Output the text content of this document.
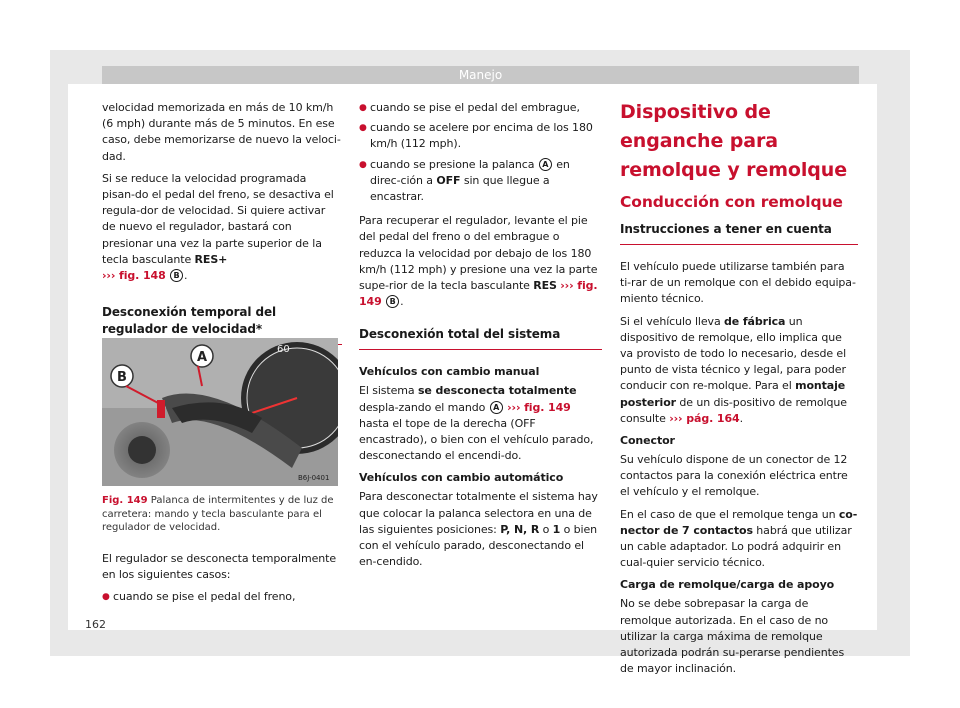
Manejo

velocidad memorizada en más de 10 km/h (6 mph) durante más de 5 minutos. En ese caso, debe memorizarse de nuevo la veloci-dad.

Si se reduce la velocidad programada pisan-do el pedal del freno, se desactiva el regula-dor de velocidad. Si quiere activar de nuevo el regulador, bastará con presionar una vez la parte superior de la tecla basculante RES+
››› fig. 148 B .

Desconexión temporal del regulador de velocidad*
60
B
A
B6J-0401
Fig. 149 Palanca de intermitentes y de luz de carretera: mando y tecla basculante para el regulador de velocidad.

El regulador se desconecta temporalmente en los siguientes casos:

● cuando se pise el pedal del freno,
● cuando se pise el pedal del embrague,
● cuando se acelere por encima de los 180 km/h (112 mph).
● cuando se presione la palanca A en direc-ción a OFF sin que llegue a encastrar.

Para recuperar el regulador, levante el pie del pedal del freno o del embrague o reduzca la velocidad por debajo de los 180 km/h (112 mph) y presione una vez la parte supe-rior de la tecla basculante RES ››› fig. 149 B .

Desconexión total del sistema
Vehículos con cambio manual

El sistema se desconecta totalmente despla-zando el mando A ››› fig. 149 hasta el tope de la derecha (OFF encastrado), o bien con el vehículo parado, desconectando el encendi-do.

Vehículos con cambio automático

Para desconectar totalmente el sistema hay que colocar la palanca selectora en una de las siguientes posiciones: P, N, R o 1 o bien con el vehículo parado, desconectando el en-cendido.

Dispositivo de enganche para remolque y remolque
Conducción con remolque
Instrucciones a tener en cuenta

El vehículo puede utilizarse también para ti-rar de un remolque con el debido equipa-miento técnico.

Si el vehículo lleva de fábrica un dispositivo de remolque, ello implica que va provisto de todo lo necesario, desde el punto de vista técnico y legal, para poder conducir con re-molque. Para el montaje posterior de un dis-positivo de remolque consulte ››› pág. 164.

Conector

Su vehículo dispone de un conector de 12 contactos para la conexión eléctrica entre el vehículo y el remolque.

En el caso de que el remolque tenga un co-nector de 7 contactos habrá que utilizar un cable adaptador. Lo podrá adquirir en cual-quier servicio técnico.

Carga de remolque/carga de apoyo

No se debe sobrepasar la carga de remolque autorizada. En el caso de no utilizar la carga máxima de remolque autorizada podrán su-perarse pendientes de mayor inclinación.

162
